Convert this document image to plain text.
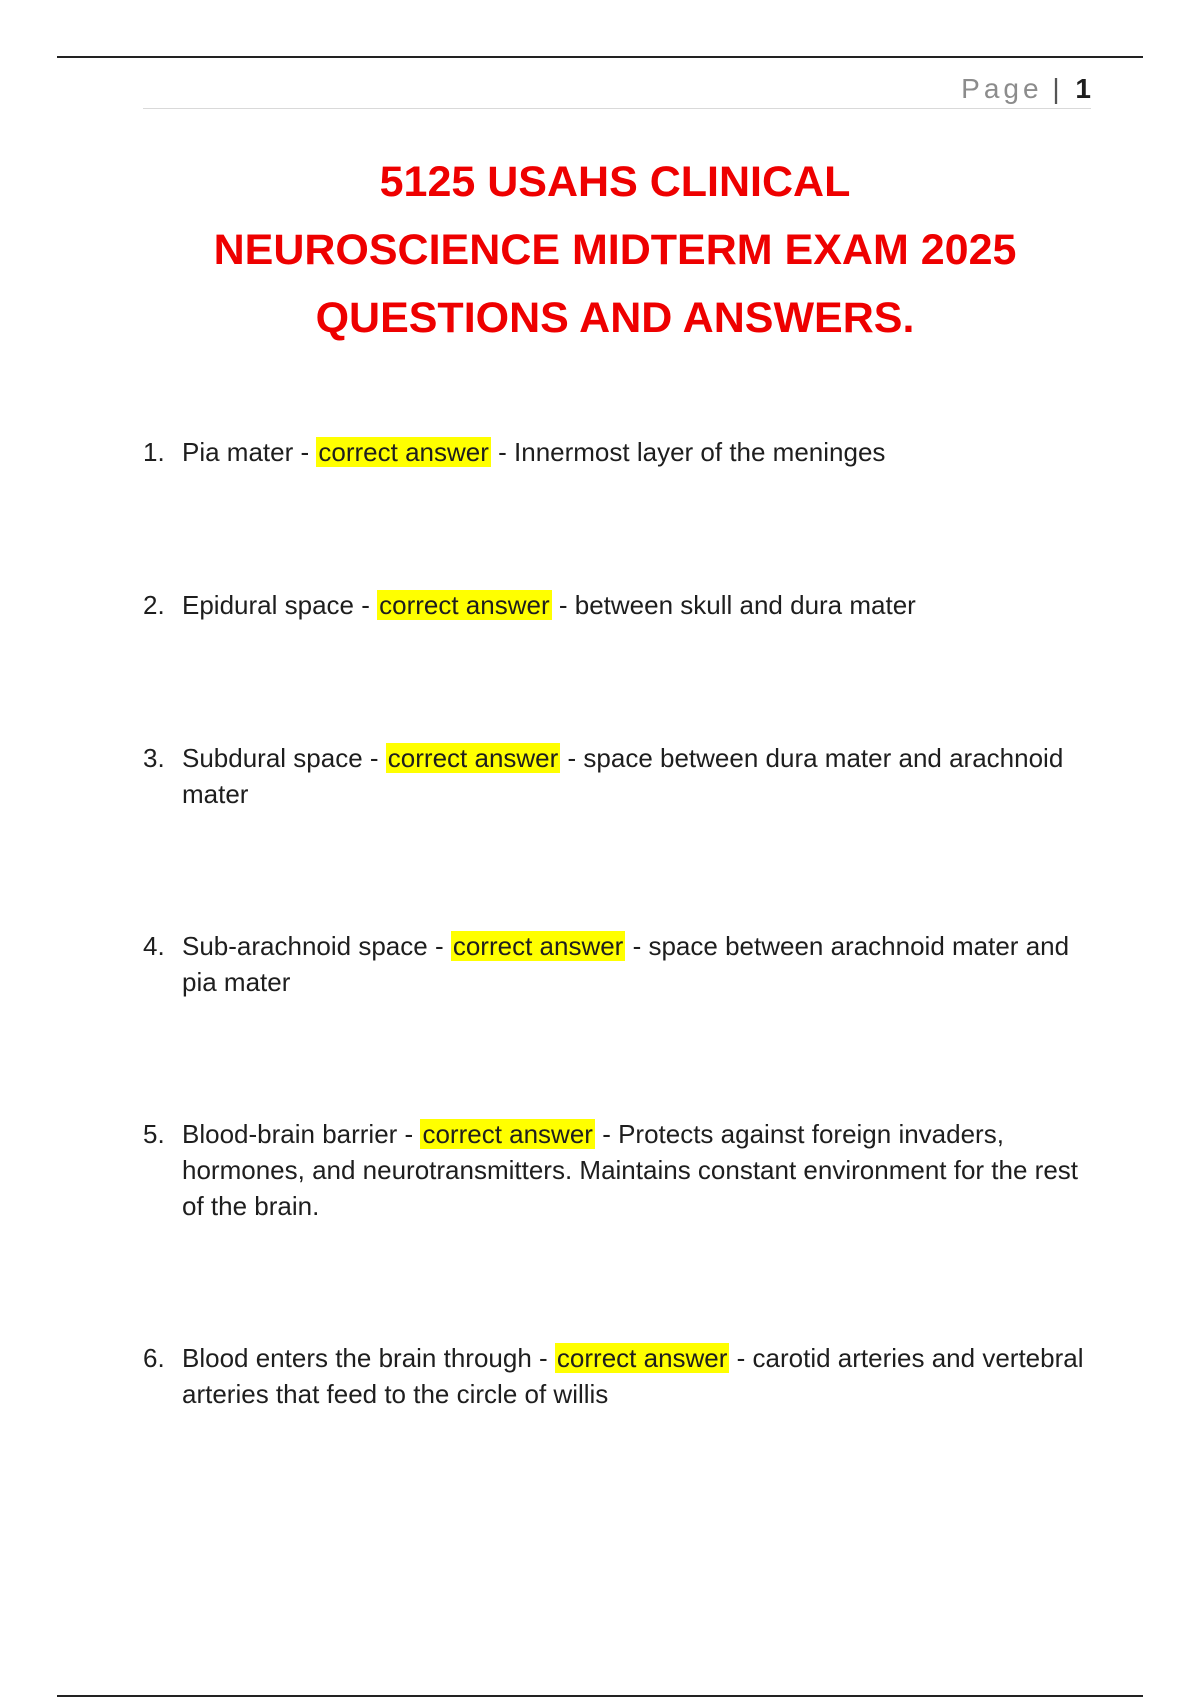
Page | 1
5125 USAHS CLINICAL
NEUROSCIENCE MIDTERM EXAM 2025
QUESTIONS AND ANSWERS.
1. Pia mater - correct answer - Innermost layer of the meninges
2. Epidural space - correct answer - between skull and dura mater
3. Subdural space - correct answer - space between dura mater and arachnoid mater
4. Sub-arachnoid space - correct answer - space between arachnoid mater and pia mater
5. Blood-brain barrier - correct answer - Protects against foreign invaders, hormones, and neurotransmitters. Maintains constant environment for the rest of the brain.
6. Blood enters the brain through - correct answer - carotid arteries and vertebral arteries that feed to the circle of willis
